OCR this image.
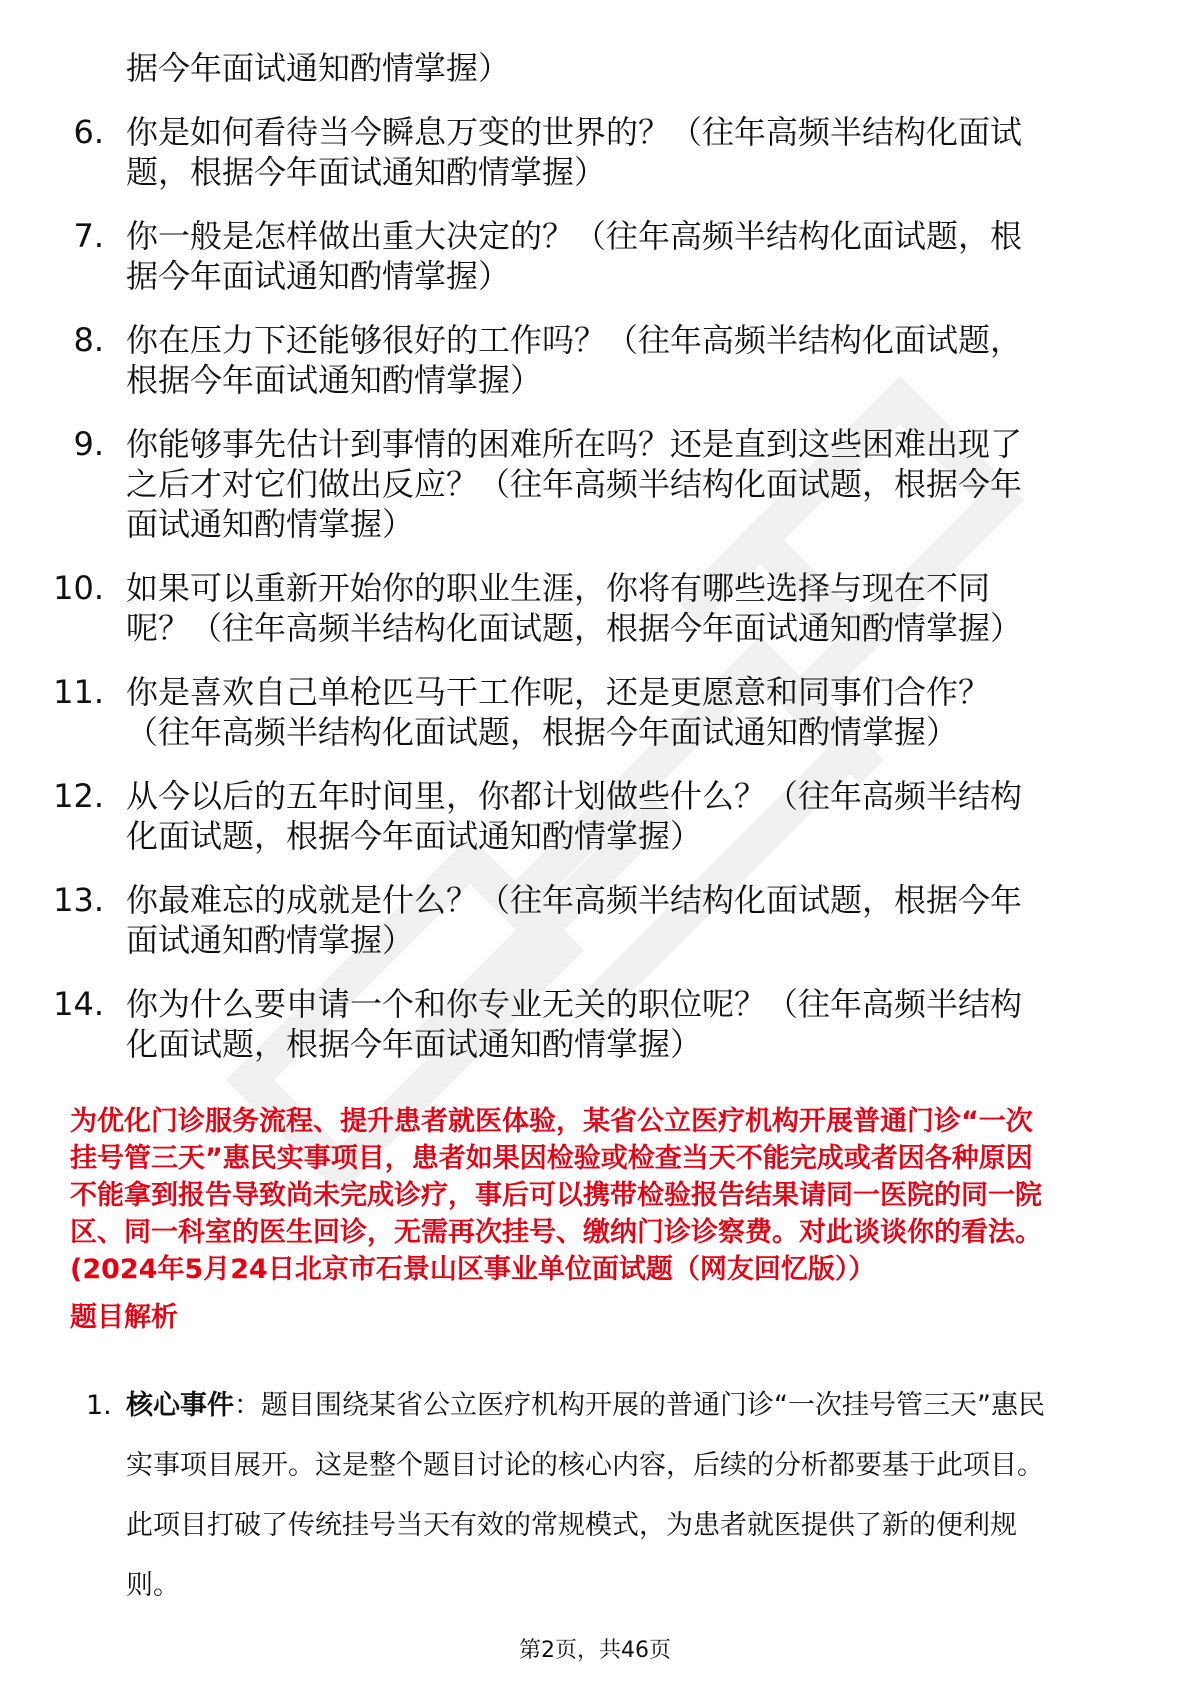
据今年面试通知酌情掌握）
6. 你是如何看待当今瞬息万变的世界的？（往年高频半结构化面试
题，根据今年面试通知酌情掌握）
7. 你一般是怎样做出重大决定的？（往年高频半结构化面试题，根
据今年面试通知酌情掌握）
8. 你在压力下还能够很好的工作吗？（往年高频半结构化面试题，
根据今年面试通知酌情掌握）
9. 你能够事先估计到事情的困难所在吗？还是直到这些困难出现了
之后才对它们做出反应？（往年高频半结构化面试题，根据今年
面试通知酌情掌握）
10. 如果可以重新开始你的职业生涯，你将有哪些选择与现在不同
呢？（往年高频半结构化面试题，根据今年面试通知酌情掌握）
11. 你是喜欢自己单枪匹马干工作呢，还是更愿意和同事们合作？
（往年高频半结构化面试题，根据今年面试通知酌情掌握）
12. 从今以后的五年时间里，你都计划做些什么？（往年高频半结构
化面试题，根据今年面试通知酌情掌握）
13. 你最难忘的成就是什么？（往年高频半结构化面试题，根据今年
面试通知酌情掌握）
14. 你为什么要申请一个和你专业无关的职位呢？（往年高频半结构
化面试题，根据今年面试通知酌情掌握）
为优化门诊服务流程、提升患者就医体验，某省公立医疗机构开展普通门诊“一次
挂号管三天”惠民实事项目，患者如果因检验或检查当天不能完成或者因各种原因
不能拿到报告导致尚未完成诊疗，事后可以携带检验报告结果请同一医院的同一院
区、同一科室的医生回诊，无需再次挂号、缴纳门诊诊察费。对此谈谈你的看法。
(2024年5月24日北京市石景山区事业单位面试题（网友回忆版））
题目解析
1. 核心事件：题目围绕某省公立医疗机构开展的普通门诊“一次挂号管三天”惠民
实事项目展开。这是整个题目讨论的核心内容，后续的分析都要基于此项目。
此项目打破了传统挂号当天有效的常规模式，为患者就医提供了新的便利规
则。
第2页，共46页
